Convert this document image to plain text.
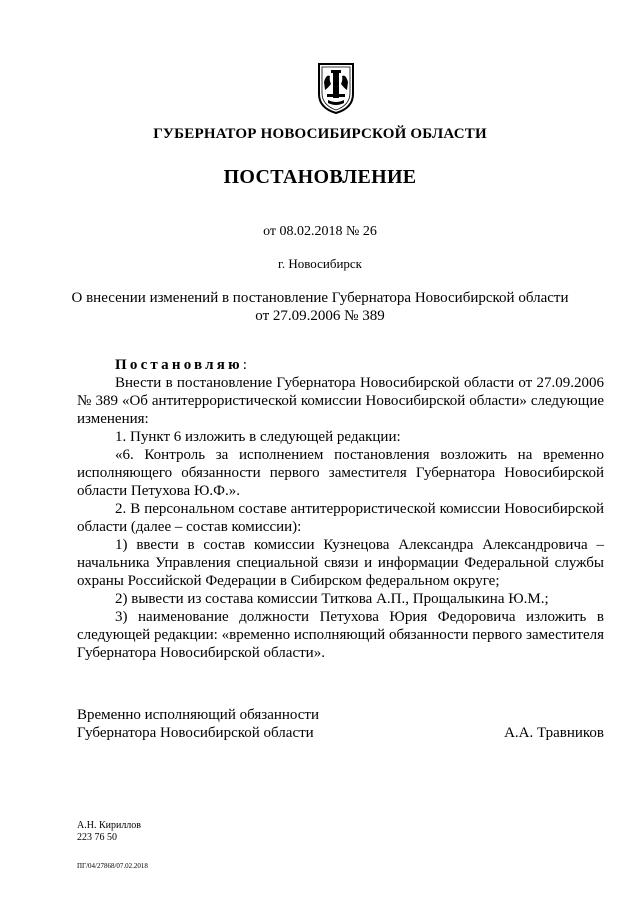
ГУБЕРНАТОР НОВОСИБИРСКОЙ ОБЛАСТИ
ПОСТАНОВЛЕНИЕ
от 08.02.2018 № 26
г. Новосибирск
О внесении изменений в постановление Губернатора Новосибирской области
от 27.09.2006 № 389

Постановляю:

Внести в постановление Губернатора Новосибирской области от 27.09.2006 № 389 «Об антитеррористической комиссии Новосибирской области» следующие изменения:

1. Пункт 6 изложить в следующей редакции:

«6. Контроль за исполнением постановления возложить на временно исполняющего обязанности первого заместителя Губернатора Новосибирской области Петухова Ю.Ф.».

2. В персональном составе антитеррористической комиссии Новосибирской области (далее – состав комиссии):

1) ввести в состав комиссии Кузнецова Александра Александровича – начальника Управления специальной связи и информации Федеральной службы охраны Российской Федерации в Сибирском федеральном округе;

2) вывести из состава комиссии Титкова А.П., Прощалыкина Ю.М.;

3) наименование должности Петухова Юрия Федоровича изложить в следующей редакции: «временно исполняющий обязанности первого заместителя Губернатора Новосибирской области».

Временно исполняющий обязанности
Губернатора Новосибирской области	А.А. Травников
А.Н. Кириллов
223 76 50
ПГ/04/27868/07.02.2018
